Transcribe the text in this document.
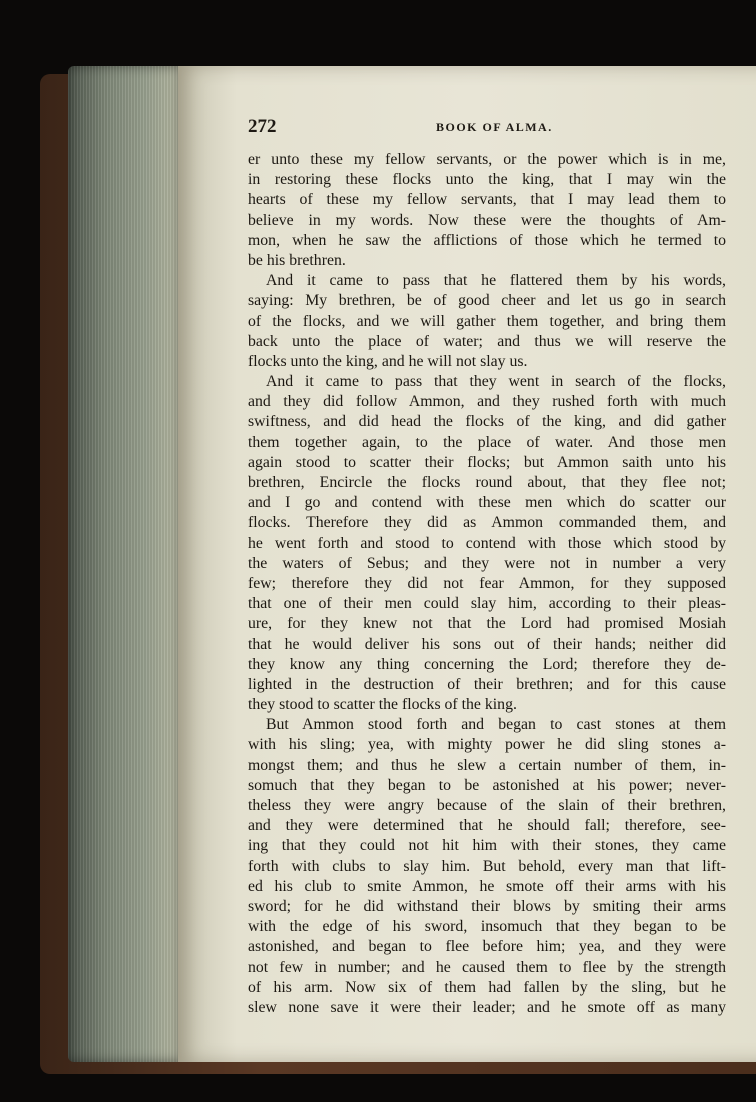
272	BOOK OF ALMA.
er unto these my fellow servants, or the power which is in me,
in restoring these flocks unto the king, that I may win the
hearts of these my fellow servants, that I may lead them to
believe in my words. Now these were the thoughts of Am-
mon, when he saw the afflictions of those which he termed to
be his brethren.
And it came to pass that he flattered them by his words,
saying: My brethren, be of good cheer and let us go in search
of the flocks, and we will gather them together, and bring them
back unto the place of water; and thus we will reserve the
flocks unto the king, and he will not slay us.
And it came to pass that they went in search of the flocks,
and they did follow Ammon, and they rushed forth with much
swiftness, and did head the flocks of the king, and did gather
them together again, to the place of water. And those men
again stood to scatter their flocks; but Ammon saith unto his
brethren, Encircle the flocks round about, that they flee not;
and I go and contend with these men which do scatter our
flocks. Therefore they did as Ammon commanded them, and
he went forth and stood to contend with those which stood by
the waters of Sebus; and they were not in number a very
few; therefore they did not fear Ammon, for they supposed
that one of their men could slay him, according to their pleas-
ure, for they knew not that the Lord had promised Mosiah
that he would deliver his sons out of their hands; neither did
they know any thing concerning the Lord; therefore they de-
lighted in the destruction of their brethren; and for this cause
they stood to scatter the flocks of the king.
But Ammon stood forth and began to cast stones at them
with his sling; yea, with mighty power he did sling stones a-
mongst them; and thus he slew a certain number of them, in-
somuch that they began to be astonished at his power; never-
theless they were angry because of the slain of their brethren,
and they were determined that he should fall; therefore, see-
ing that they could not hit him with their stones, they came
forth with clubs to slay him. But behold, every man that lift-
ed his club to smite Ammon, he smote off their arms with his
sword; for he did withstand their blows by smiting their arms
with the edge of his sword, insomuch that they began to be
astonished, and began to flee before him; yea, and they were
not few in number; and he caused them to flee by the strength
of his arm. Now six of them had fallen by the sling, but he
slew none save it were their leader; and he smote off as many
